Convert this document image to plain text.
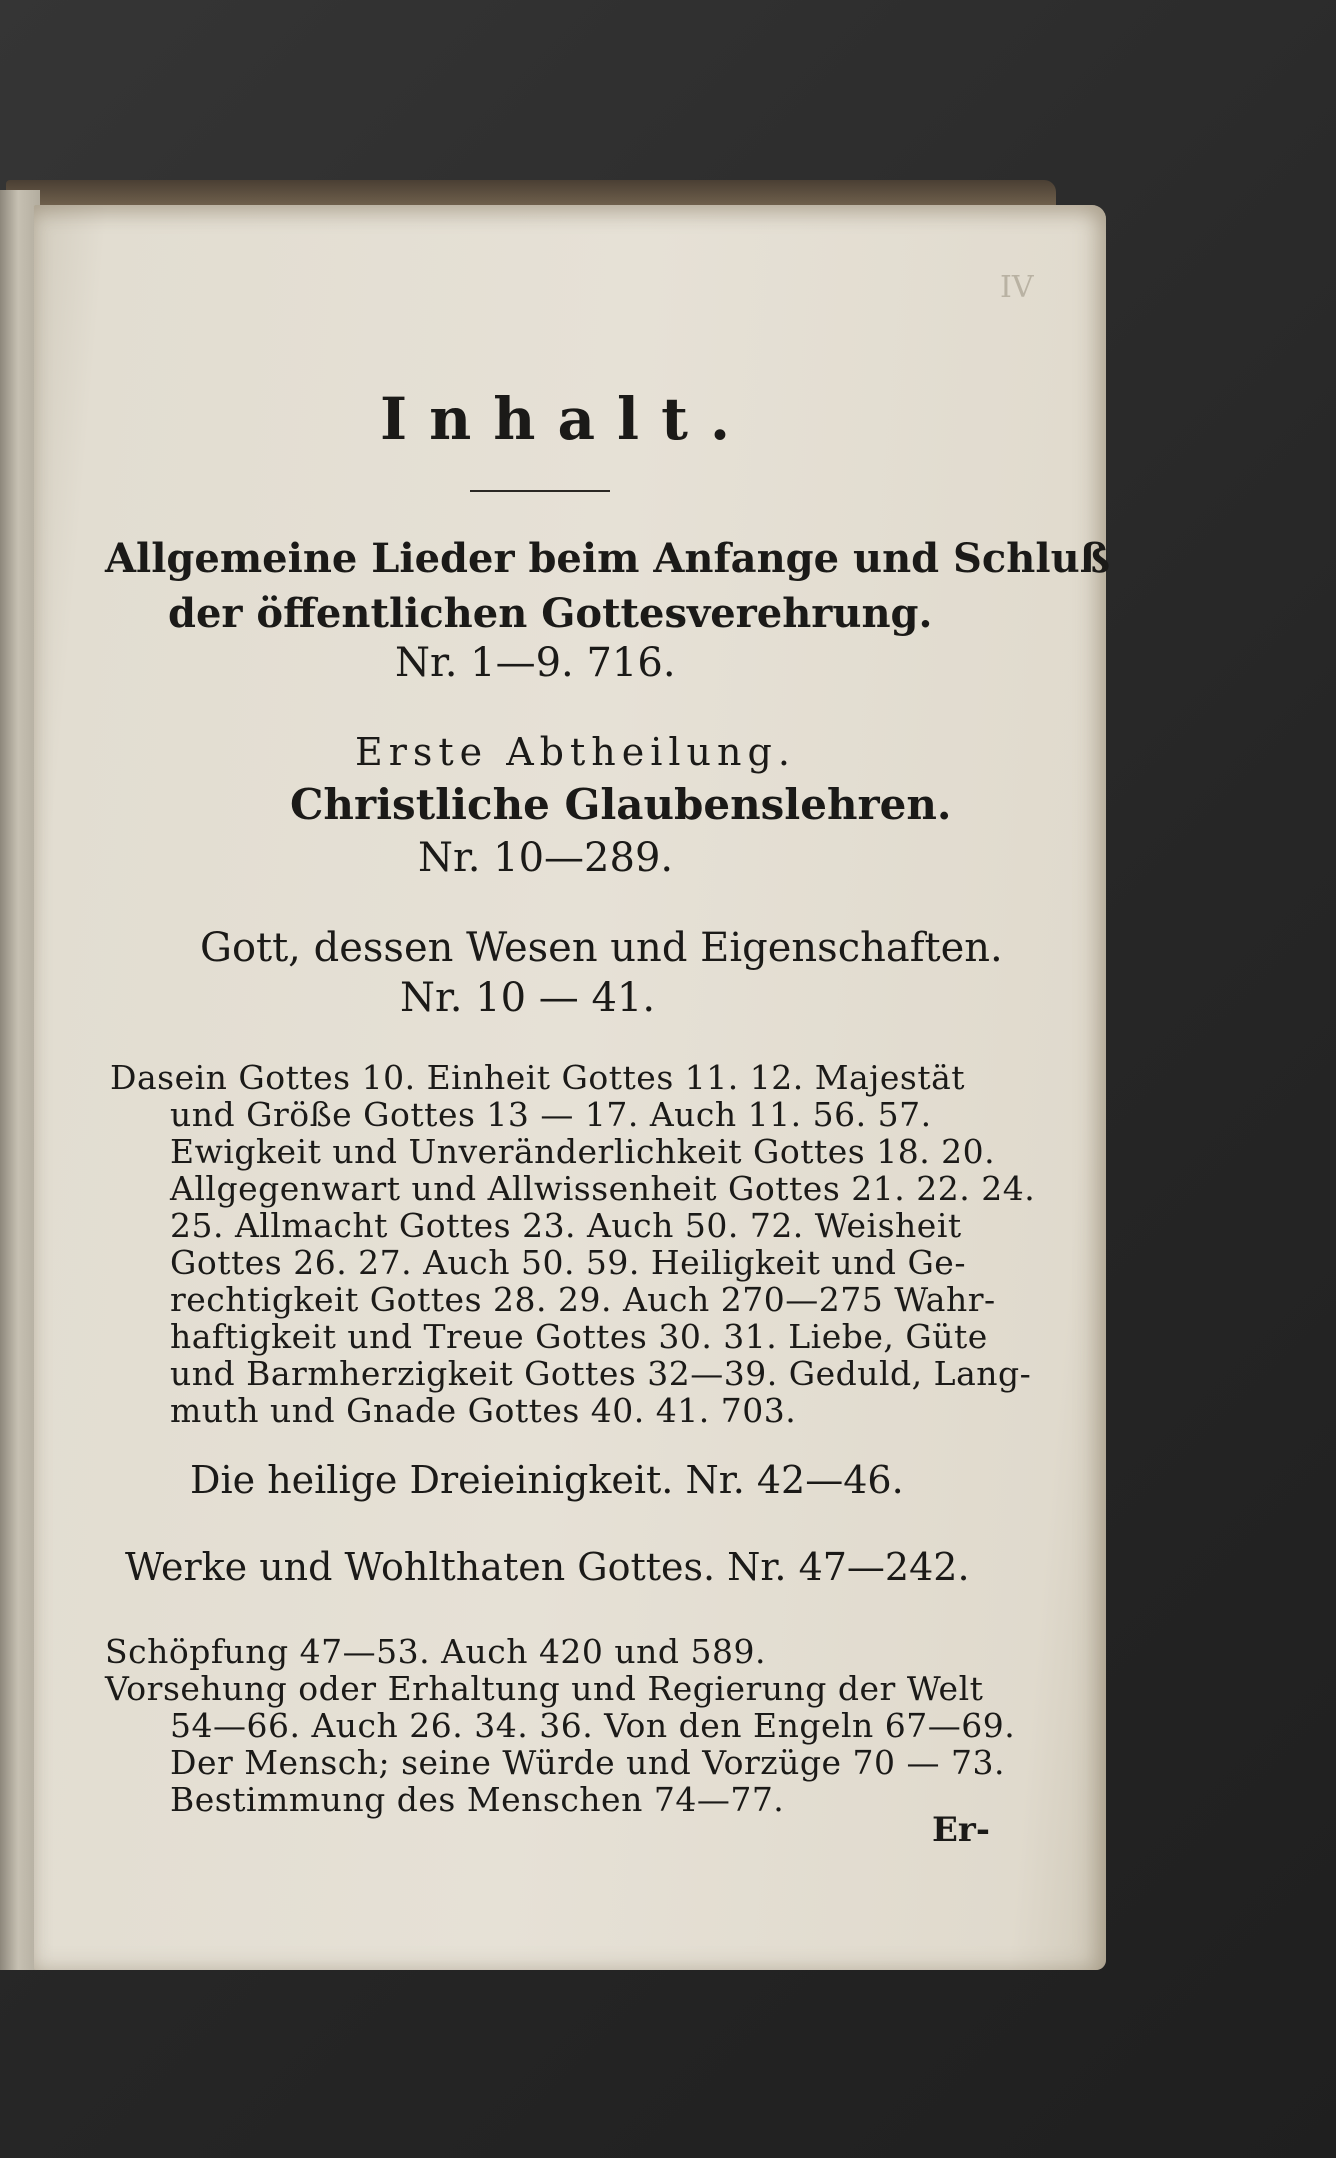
IV
Inhalt.
Allgemeine Lieder beim Anfange und Schluß
der öffentlichen Gottesverehrung.
Nr. 1—9. 716.
Erste Abtheilung.
Christliche Glaubenslehren.
Nr. 10—289.
Gott, dessen Wesen und Eigenschaften.
Nr. 10 — 41.
Dasein Gottes 10. Einheit Gottes 11. 12. Majestät
und Größe Gottes 13 — 17. Auch 11. 56. 57.
Ewigkeit und Unveränderlichkeit Gottes 18. 20.
Allgegenwart und Allwissenheit Gottes 21. 22. 24.
25. Allmacht Gottes 23. Auch 50. 72. Weisheit
Gottes 26. 27. Auch 50. 59. Heiligkeit und Ge-
rechtigkeit Gottes 28. 29. Auch 270—275 Wahr-
haftigkeit und Treue Gottes 30. 31. Liebe, Güte
und Barmherzigkeit Gottes 32—39. Geduld, Lang-
muth und Gnade Gottes 40. 41. 703.
Die heilige Dreieinigkeit. Nr. 42—46.
Werke und Wohlthaten Gottes. Nr. 47—242.
Schöpfung 47—53. Auch 420 und 589.
Vorsehung oder Erhaltung und Regierung der Welt
54—66. Auch 26. 34. 36. Von den Engeln 67—69.
Der Mensch; seine Würde und Vorzüge 70 — 73.
Bestimmung des Menschen 74—77.
Er-
